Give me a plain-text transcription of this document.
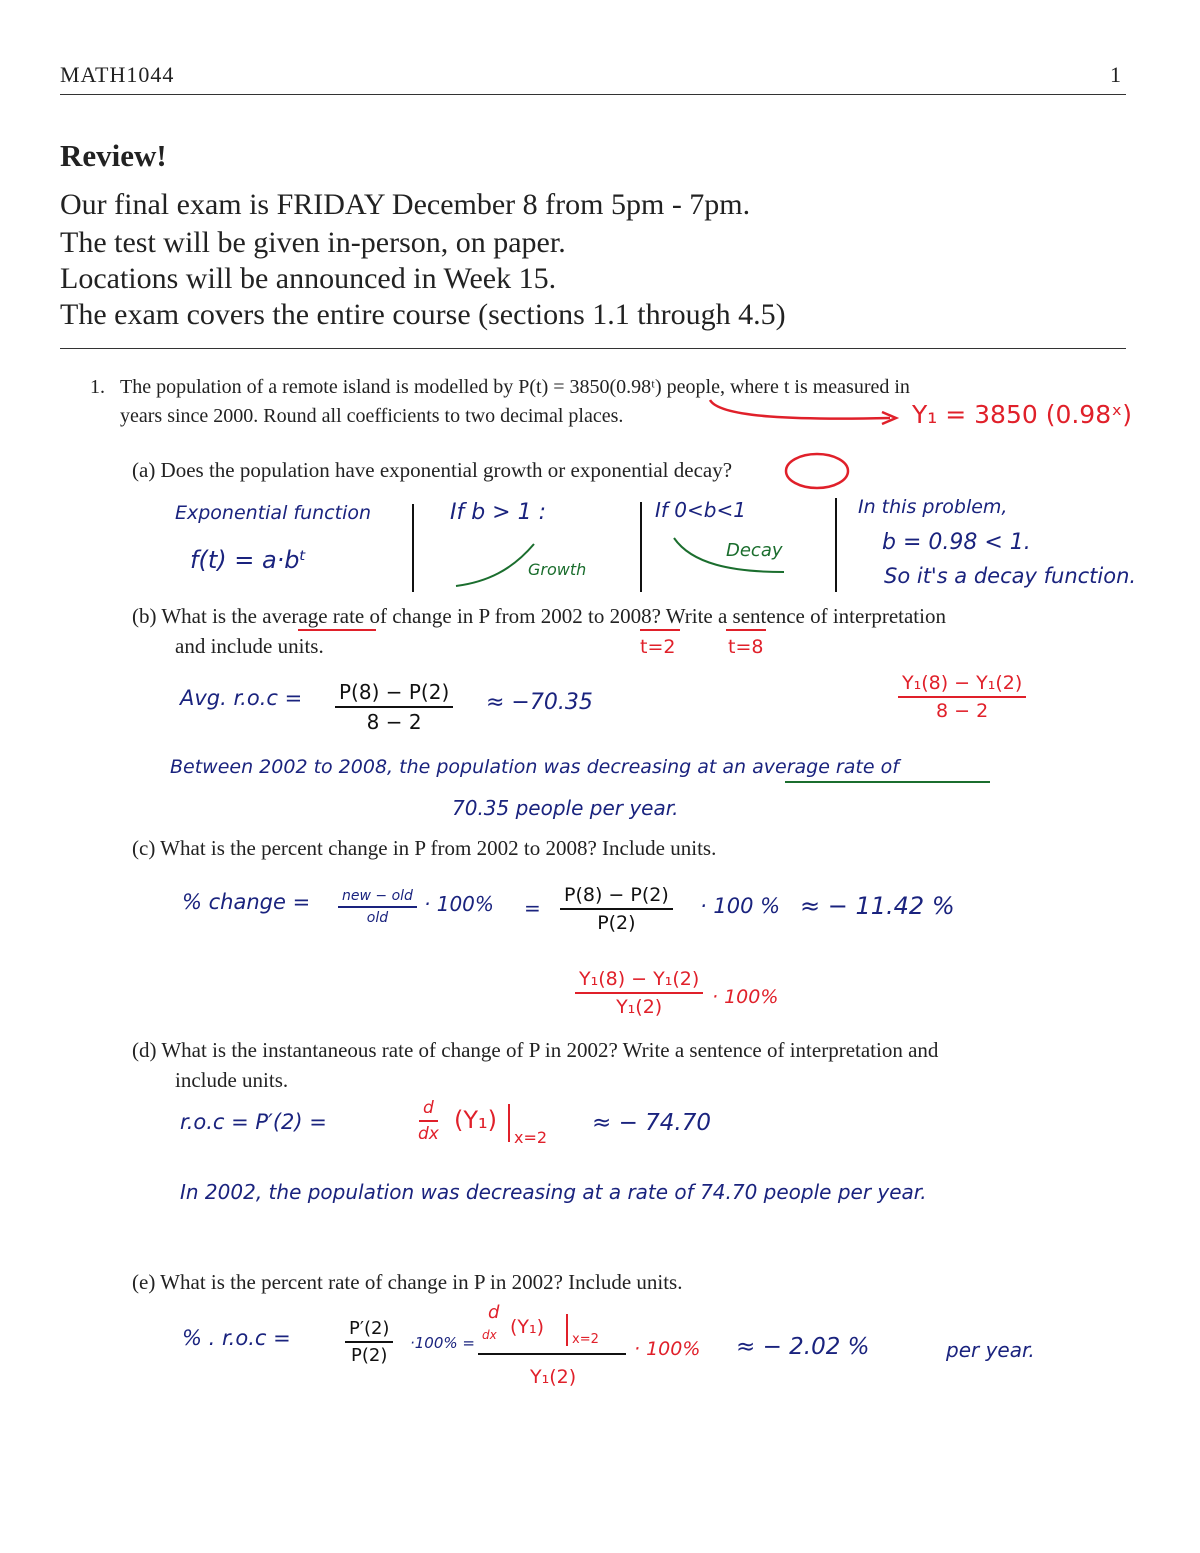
MATH1044	1
Review!
Our final exam is FRIDAY December 8 from 5pm - 7pm.
The test will be given in-person, on paper.
Locations will be announced in Week 15.
The exam covers the entire course (sections 1.1 through 4.5)
1. The population of a remote island is modelled by P(t) = 3850(0.98ᵗ) people, where t is measured in
years since 2000. Round all coefficients to two decimal places.	Y₁ = 3850 (0.98ˣ)
(a) Does the population have exponential growth or exponential decay?
Exponential function
f(t) = a·bᵗ
If b > 1 :
Growth
If 0<b<1
Decay
In this problem,
b = 0.98 < 1.
So it's a decay function.
(b) What is the average rate of change in P from 2002 to 2008? Write a sentence of interpretation
and include units.	t=2	t=8
Avg. $r.o.c = \frac{P(8) - P(2)}{8 - 2} \approx -70.35$	$\frac{\text{Y₁(8) − Y₁(2)}}{8 - 2}$
Between 2002 to 2008, the population was decreasing at an average rate of
70.35 people per year.
(c) What is the percent change in P from 2002 to 2008? Include units.
% change = new − old
old
· $100\% = \frac{P(8) - P(2)}{P(2)} \cdot 100$ % ≈ − 11.42 %
$\frac{\text{Y₁(8) − Y₁(2)}}{\text{Y₁(2)}} \cdot 100\%$
(d) What is the instantaneous rate of change of P in 2002? Write a sentence of interpretation and
include units.
r.o.c = P′(2) =	$\frac{d}{dx} (Y_1)$
x=2
≈ − 74.70
In 2002, the population was decreasing at a rate of 74.70 people per year.
(e) What is the percent rate of change in P in 2002? Include units.
% . r.o.c =	$\frac{P'(2)}{P(2)} \cdot 100\%$ =
d
dx (Y₁)
x=2
Y₁(2)
· 100% ≈ − 2.02 %	per year.
